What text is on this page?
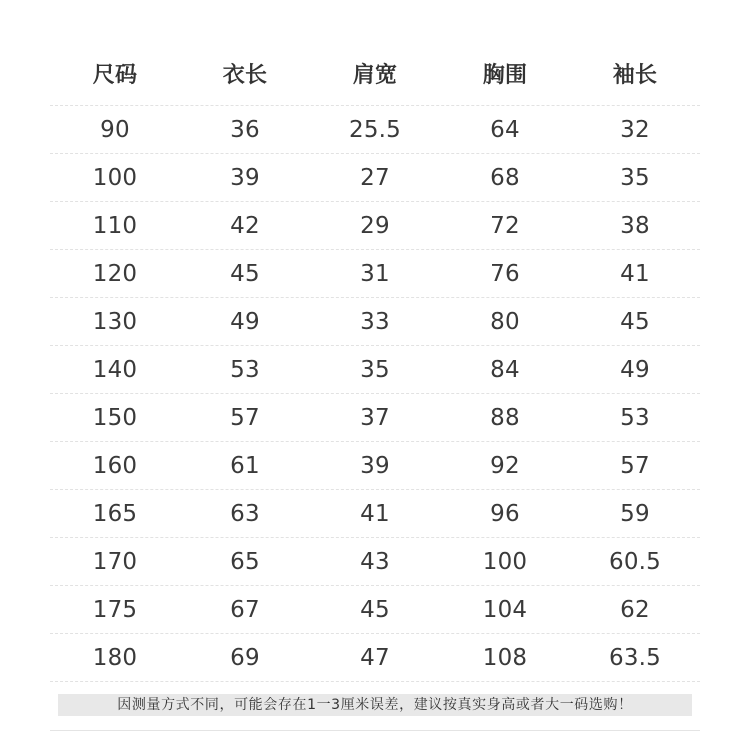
尺码	衣长	肩宽	胸围	袖长
90	36	25.5	64	32
100	39	27	68	35
110	42	29	72	38
120	45	31	76	41
130	49	33	80	45
140	53	35	84	49
150	57	37	88	53
160	61	39	92	57
165	63	41	96	59
170	65	43	100	60.5
175	67	45	104	62
180	69	47	108	63.5
因测量方式不同，可能会存在1一3厘米误差，建议按真实身高或者大一码选购！
